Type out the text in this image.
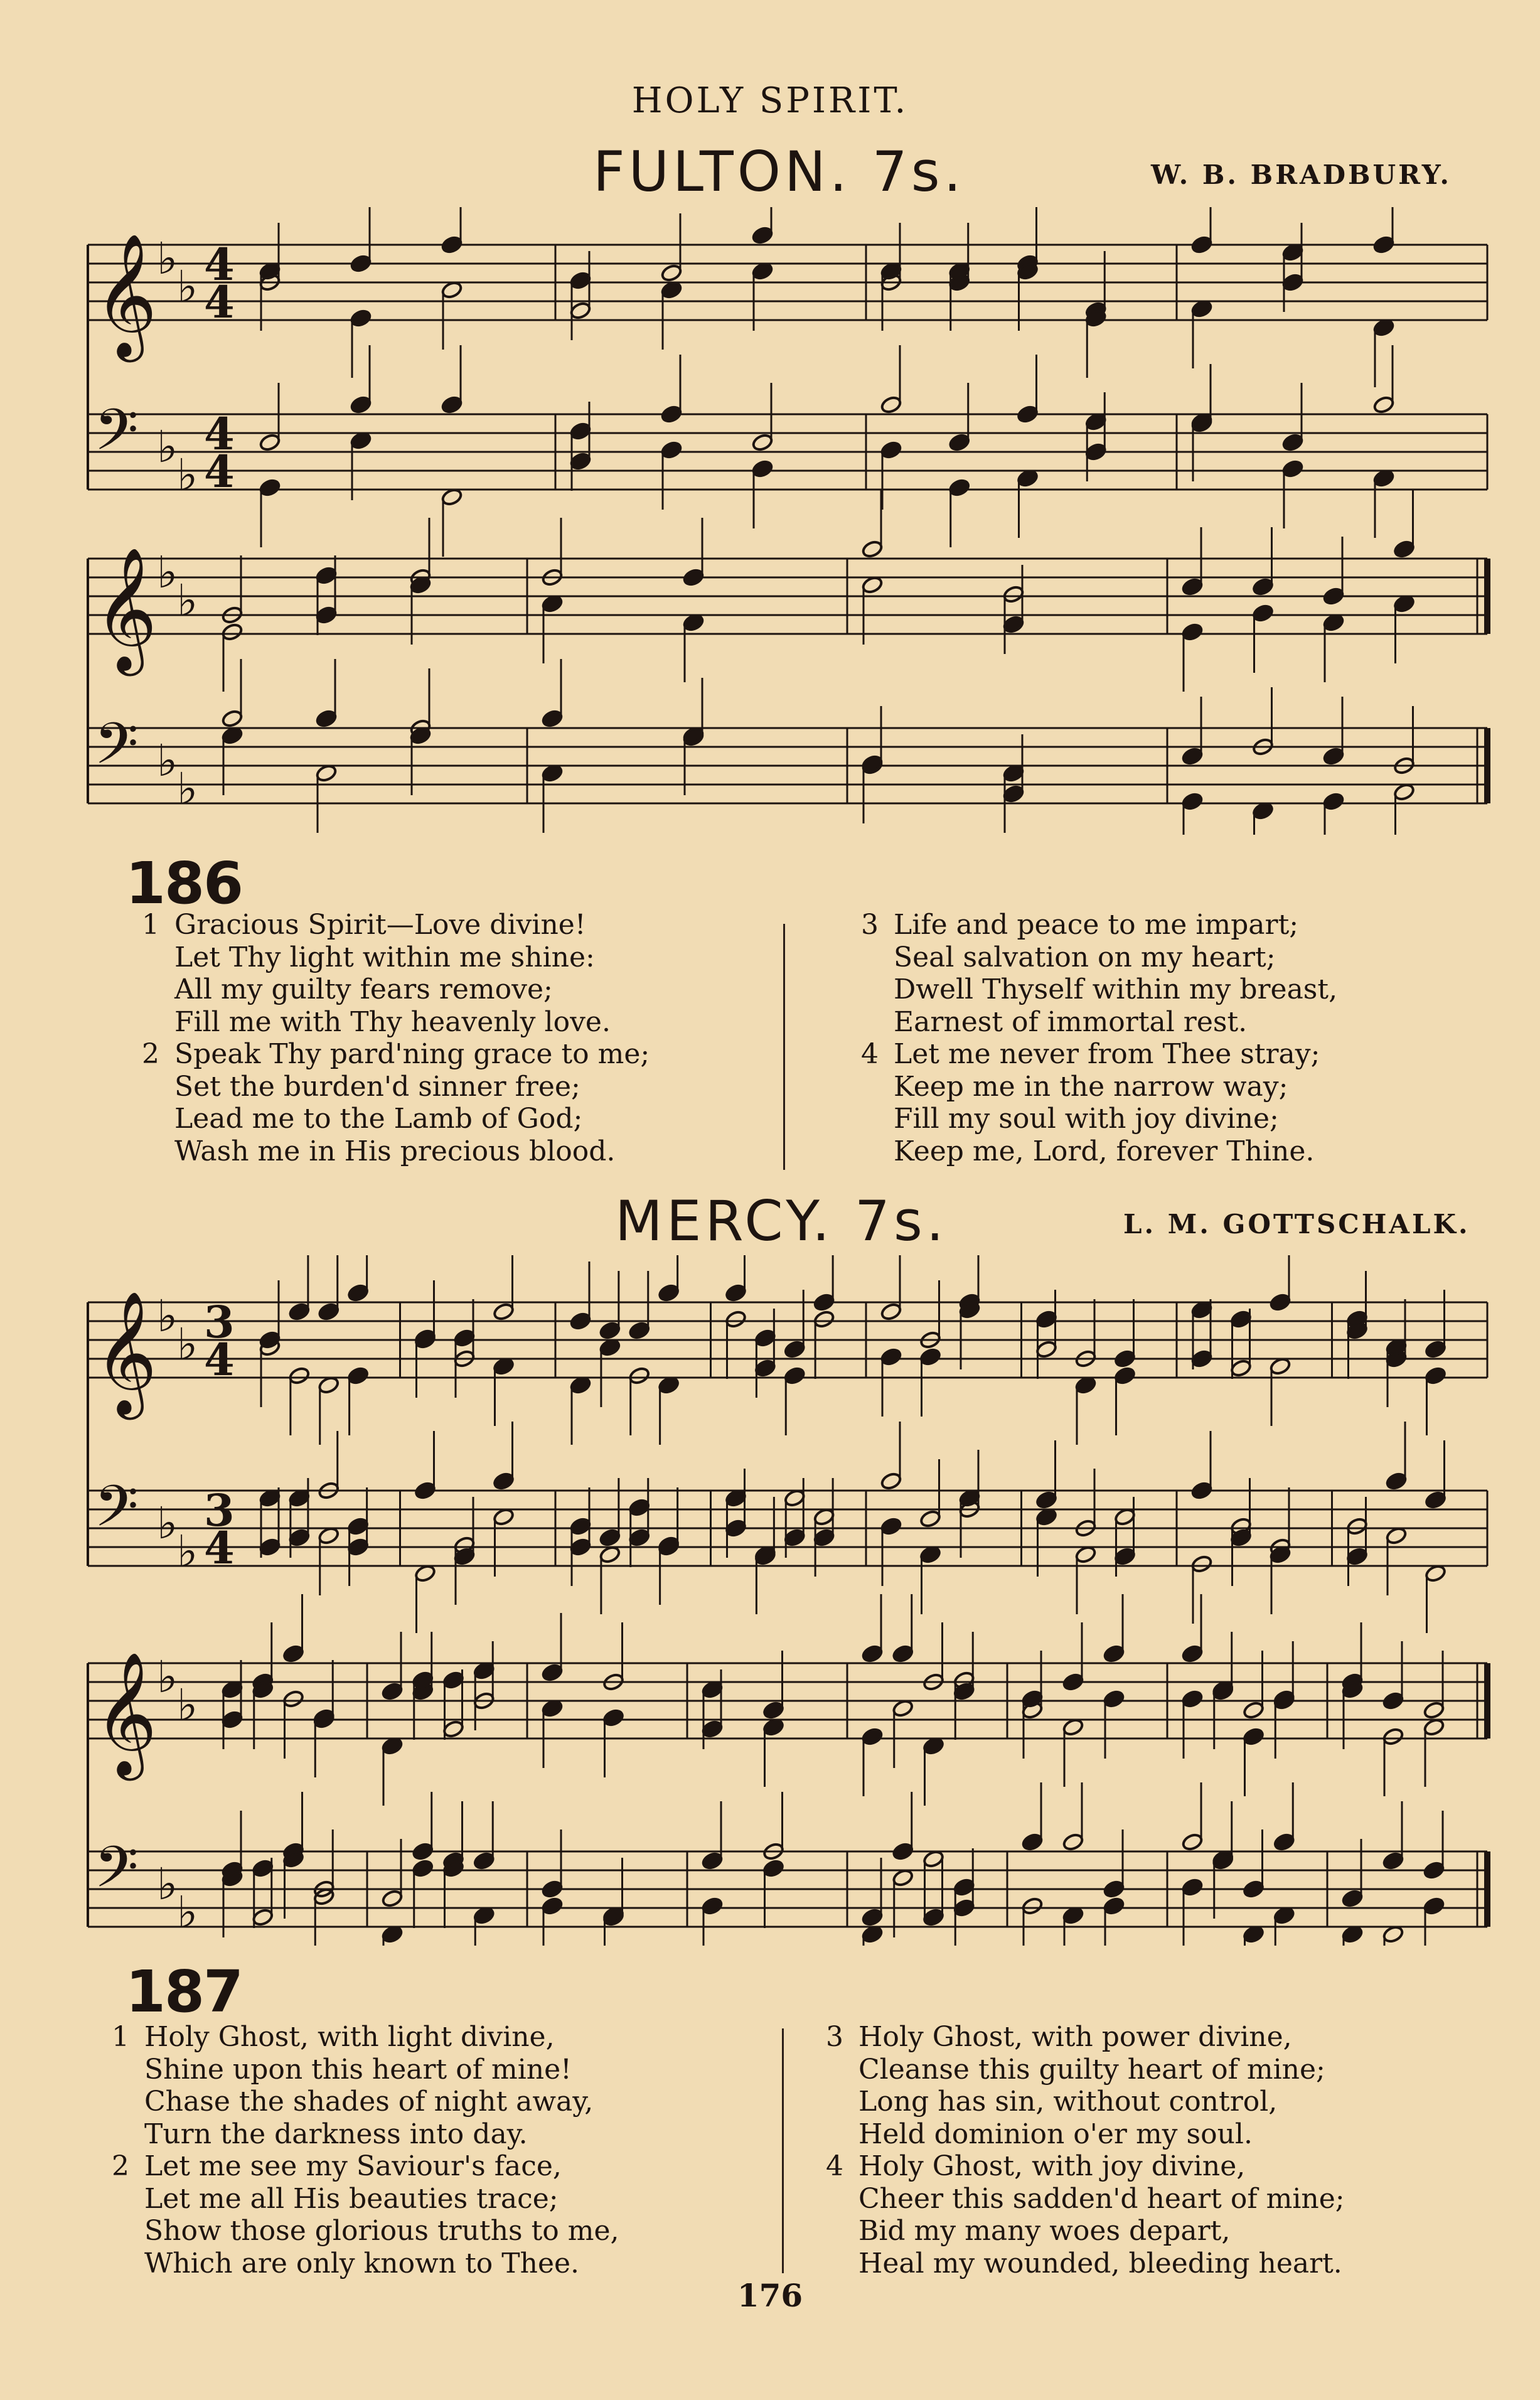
HOLY SPIRIT.
FULTON. 7s.	W. B. BRADBURY.
𝄞
𝄢
♭
♭
♭
♭
4
4
4
4
𝄞
𝄢
♭
♭
♭
♭
186
1 Gracious Spirit—Love divine!
Let Thy light within me shine:
All my guilty fears remove;
Fill me with Thy heavenly love.
2 Speak Thy pard'ning grace to me;
Set the burden'd sinner free;
Lead me to the Lamb of God;
Wash me in His precious blood.
3 Life and peace to me impart;
Seal salvation on my heart;
Dwell Thyself within my breast,
Earnest of immortal rest.
4 Let me never from Thee stray;
Keep me in the narrow way;
Fill my soul with joy divine;
Keep me, Lord, forever Thine.
MERCY. 7s.	L. M. GOTTSCHALK.
𝄞
𝄢
♭
♭
♭
♭
3
4
3
4
𝄞
𝄢
♭
♭
♭
♭
187
1 Holy Ghost, with light divine,
Shine upon this heart of mine!
Chase the shades of night away,
Turn the darkness into day.
2 Let me see my Saviour's face,
Let me all His beauties trace;
Show those glorious truths to me,
Which are only known to Thee.
3 Holy Ghost, with power divine,
Cleanse this guilty heart of mine;
Long has sin, without control,
Held dominion o'er my soul.
4 Holy Ghost, with joy divine,
Cheer this sadden'd heart of mine;
Bid my many woes depart,
Heal my wounded, bleeding heart.
176
